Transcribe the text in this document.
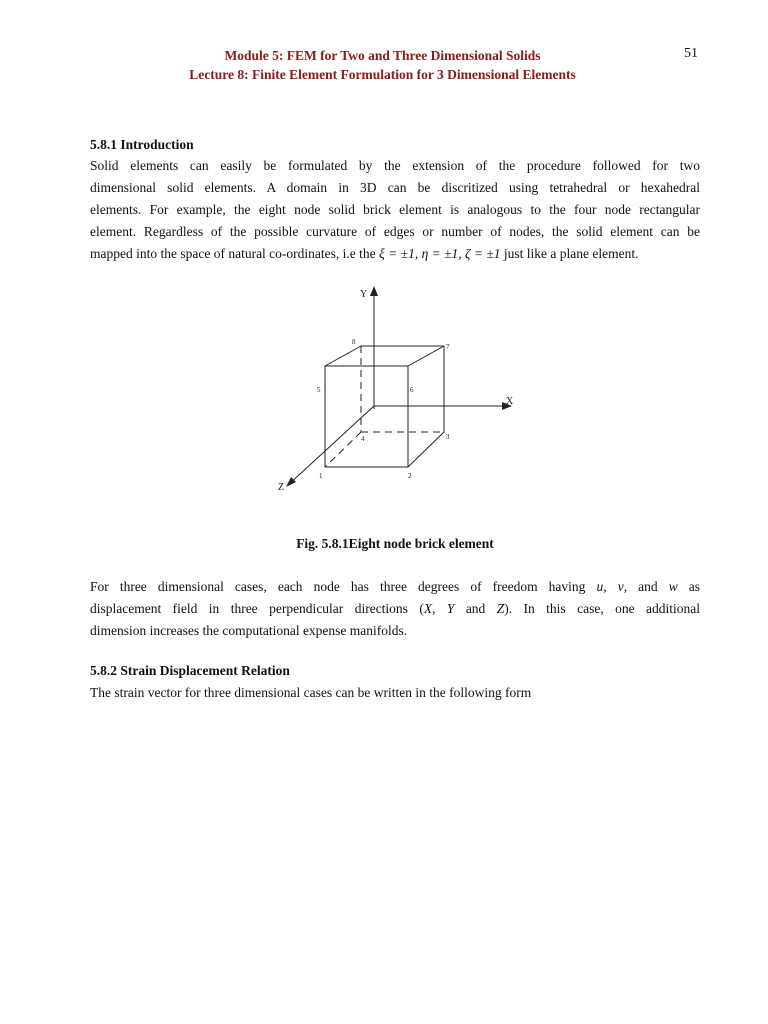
Module 5: FEM for Two and Three Dimensional Solids
Lecture 8: Finite Element Formulation for 3 Dimensional Elements
51
5.8.1 Introduction
Solid elements can easily be formulated by the extension of the procedure followed for two
dimensional solid elements. A domain in 3D can be discritized using tetrahedral or hexahedral
elements. For example, the eight node solid brick element is analogous to the four node rectangular
element. Regardless of the possible curvature of edges or number of nodes, the solid element can be
mapped into the space of natural co-ordinates, i.e the ξ = ±1, η = ±1, ζ = ±1 just like a plane element.
Y
X
Z
1	2
3
4
5	6
7
8
Fig. 5.8.1Eight node brick element
For three dimensional cases, each node has three degrees of freedom having u, v, and w as
displacement field in three perpendicular directions (X, Y and Z). In this case, one additional
dimension increases the computational expense manifolds.
5.8.2 Strain Displacement Relation
The strain vector for three dimensional cases can be written in the following form
